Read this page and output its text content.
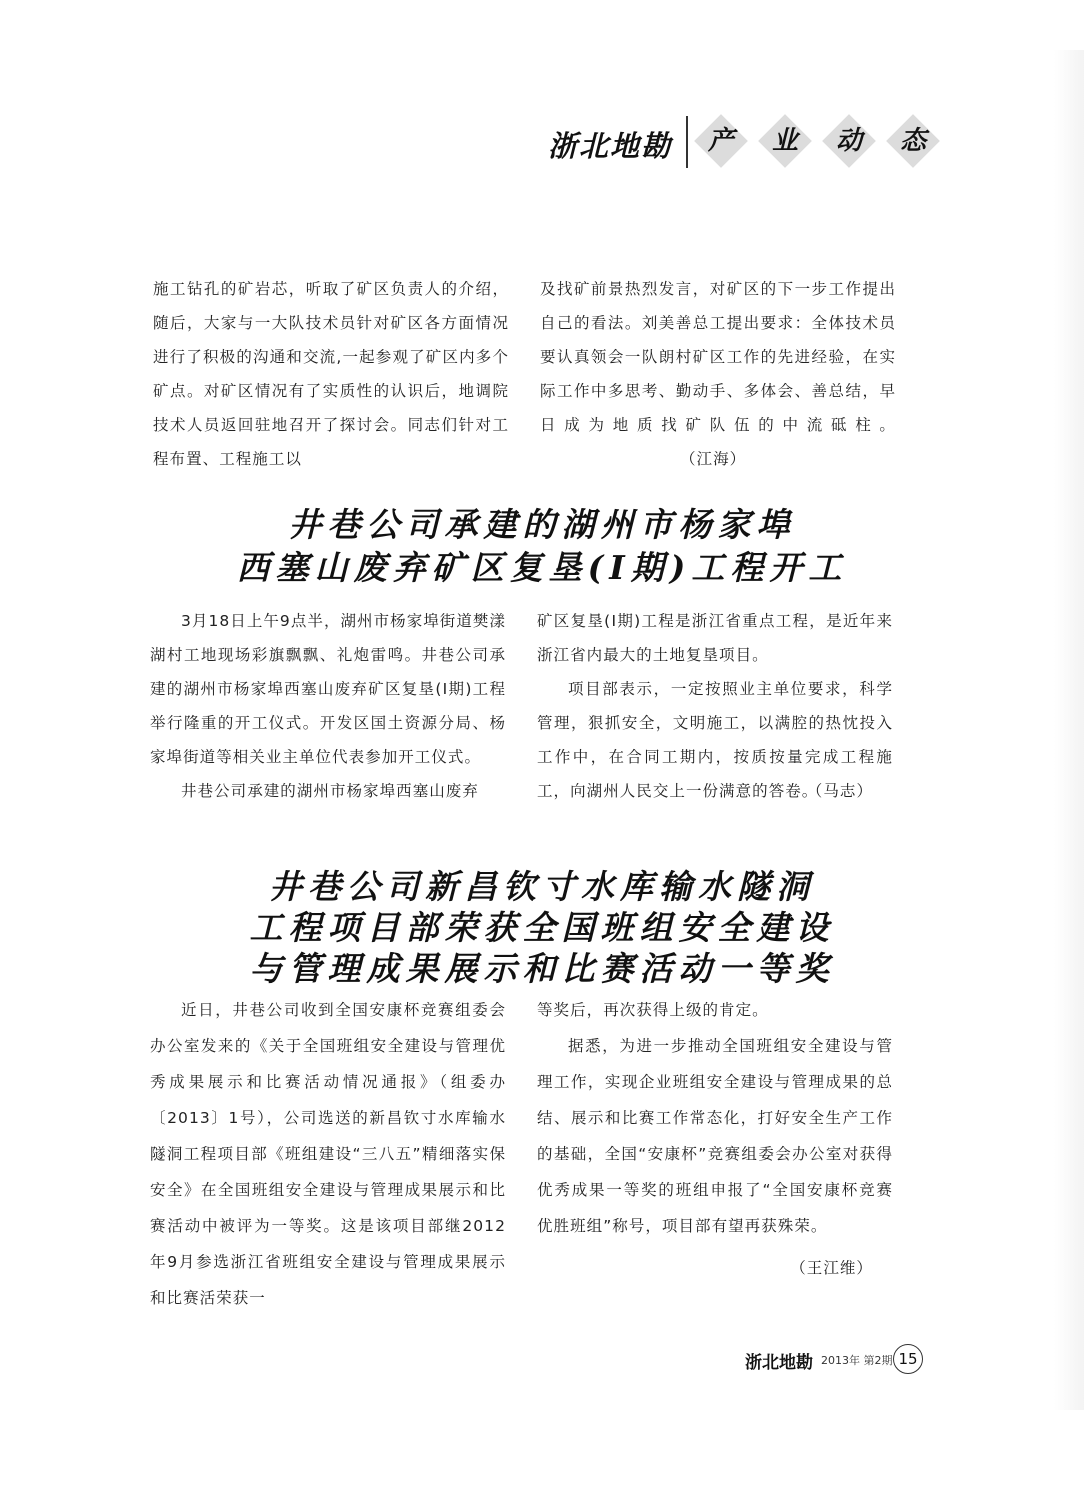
浙北地勘	产	业	动	态

施工钻孔的矿岩芯，听取了矿区负责人的介绍，随后，大家与一大队技术员针对矿区各方面情况进行了积极的沟通和交流,一起参观了矿区内多个矿点。对矿区情况有了实质性的认识后，地调院技术人员返回驻地召开了探讨会。同志们针对工程布置、工程施工以

及找矿前景热烈发言，对矿区的下一步工作提出自己的看法。刘美善总工提出要求：全体技术员要认真领会一队朗村矿区工作的先进经验，在实际工作中多思考、勤动手、多体会、善总结，早日成为地质找矿队伍的中流砥柱。（江海）

井巷公司承建的湖州市杨家埠
西塞山废弃矿区复垦(Ⅰ期)工程开工

3月18日上午9点半，湖州市杨家埠街道樊漾湖村工地现场彩旗飘飘、礼炮雷鸣。井巷公司承建的湖州市杨家埠西塞山废弃矿区复垦(Ⅰ期)工程举行隆重的开工仪式。开发区国土资源分局、杨家埠街道等相关业主单位代表参加开工仪式。

井巷公司承建的湖州市杨家埠西塞山废弃

矿区复垦(Ⅰ期)工程是浙江省重点工程，是近年来浙江省内最大的土地复垦项目。

项目部表示，一定按照业主单位要求，科学管理，狠抓安全，文明施工，以满腔的热忱投入工作中，在合同工期内，按质按量完成工程施工，向湖州人民交上一份满意的答卷。

（马志）

井巷公司新昌钦寸水库输水隧洞
工程项目部荣获全国班组安全建设
与管理成果展示和比赛活动一等奖

近日，井巷公司收到全国安康杯竞赛组委会办公室发来的《关于全国班组安全建设与管理优秀成果展示和比赛活动情况通报》（组委办〔2013〕1号），公司选送的新昌钦寸水库输水隧洞工程项目部《班组建设“三八五”精细落实保安全》在全国班组安全建设与管理成果展示和比赛活动中被评为一等奖。这是该项目部继2012年9月参选浙江省班组安全建设与管理成果展示和比赛活荣获一

等奖后，再次获得上级的肯定。

据悉，为进一步推动全国班组安全建设与管理工作，实现企业班组安全建设与管理成果的总结、展示和比赛工作常态化，打好安全生产工作的基础，全国“安康杯”竞赛组委会办公室对获得优秀成果一等奖的班组申报了“全国安康杯竞赛优胜班组”称号，项目部有望再获殊荣。

（王江维）

浙北地勘 2013年 第2期 15
